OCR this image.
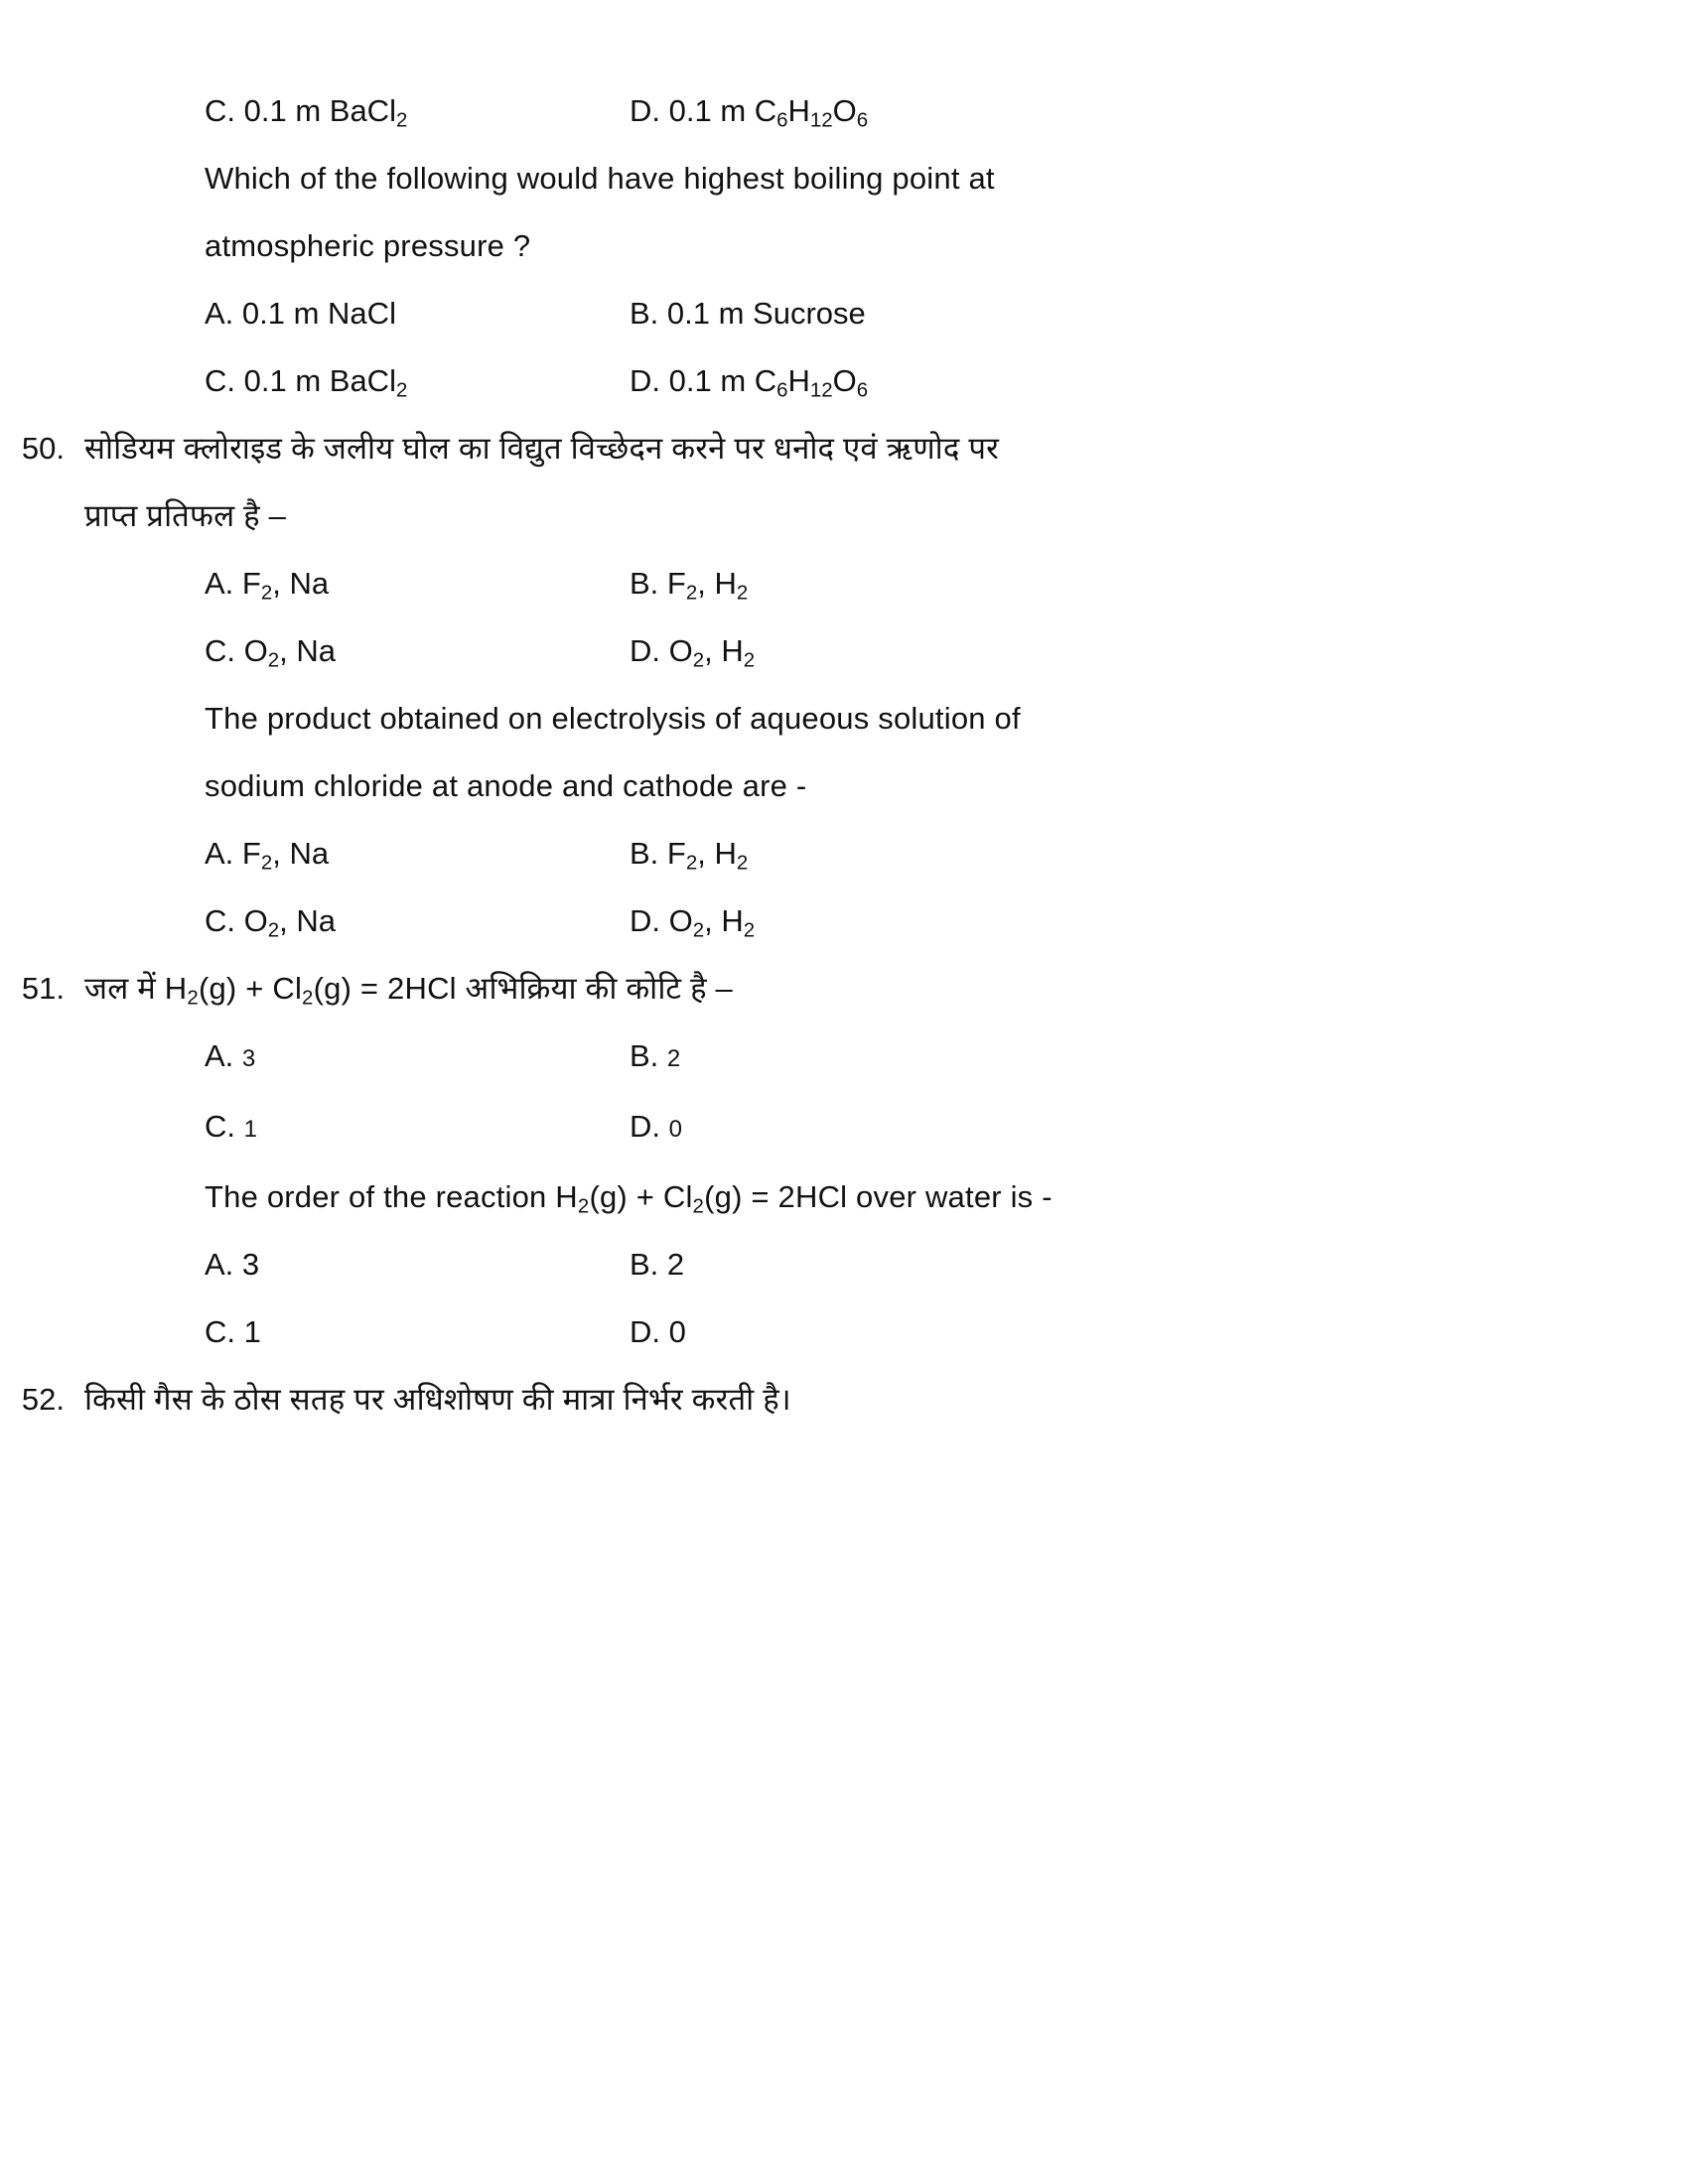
C. 0.1 m BaCl$_2$	D. 0.1 m $C_6H_{12}O_6$
Which of the following would have highest boiling point at
atmospheric pressure ?
A. 0.1 m NaCl	B. 0.1 m Sucrose
C. 0.1 m BaCl$_2$	D. 0.1 m $C_6H_{12}O_6$
50. सोडियम क्लोराइड के जलीय घोल का विद्युत विच्छेदन करने पर धनोद एवं ऋणोद पर
प्राप्त प्रतिफल है –
A. $F_2$, Na	B. $F_2$, $H_2$
C. $O_2$, Na	D. $O_2$, $H_2$
The product obtained on electrolysis of aqueous solution of
sodium chloride at anode and cathode are -
A. $F_2$, Na	B. $F_2$, $H_2$
C. $O_2$, Na	D. $O_2$, $H_2$
51. जल में $H_2(g) + Cl_2(g) = 2HCl$ अभिक्रिया की कोटि है –
A. 3	B. 2
C. 1	D. 0
The order of the reaction $H_2(g) + Cl_2(g) = 2HCl$ over water is -
A. 3	B. 2
C. 1	D. 0
52. किसी गैस के ठोस सतह पर अधिशोषण की मात्रा निर्भर करती है।
